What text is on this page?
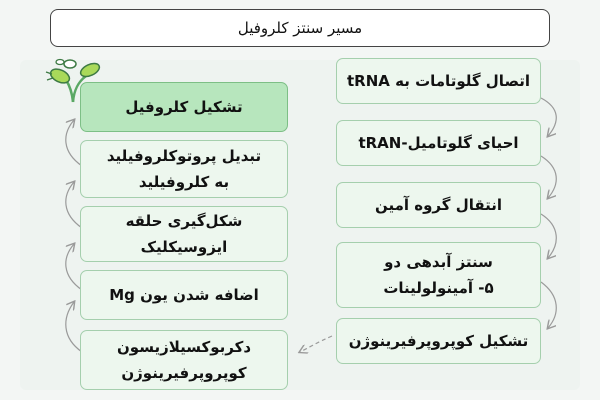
مسیر سنتز کلروفیل
اتصال گلوتامات به tRNA
احیای گلوتامیل-tRAN
انتقال گروه آمین
سنتز آبدهی دو
۵- آمینولولینات
تشکیل کوپروپرفیرینوژن
تشکیل کلروفیل
تبدیل پروتوکلروفیلید
به کلروفیلید
شکل‌گیری حلقه
ایزوسیکلیک
اضافه شدن یون Mg
دکربوکسیلازیسون
کوپروپرفیرینوژن
